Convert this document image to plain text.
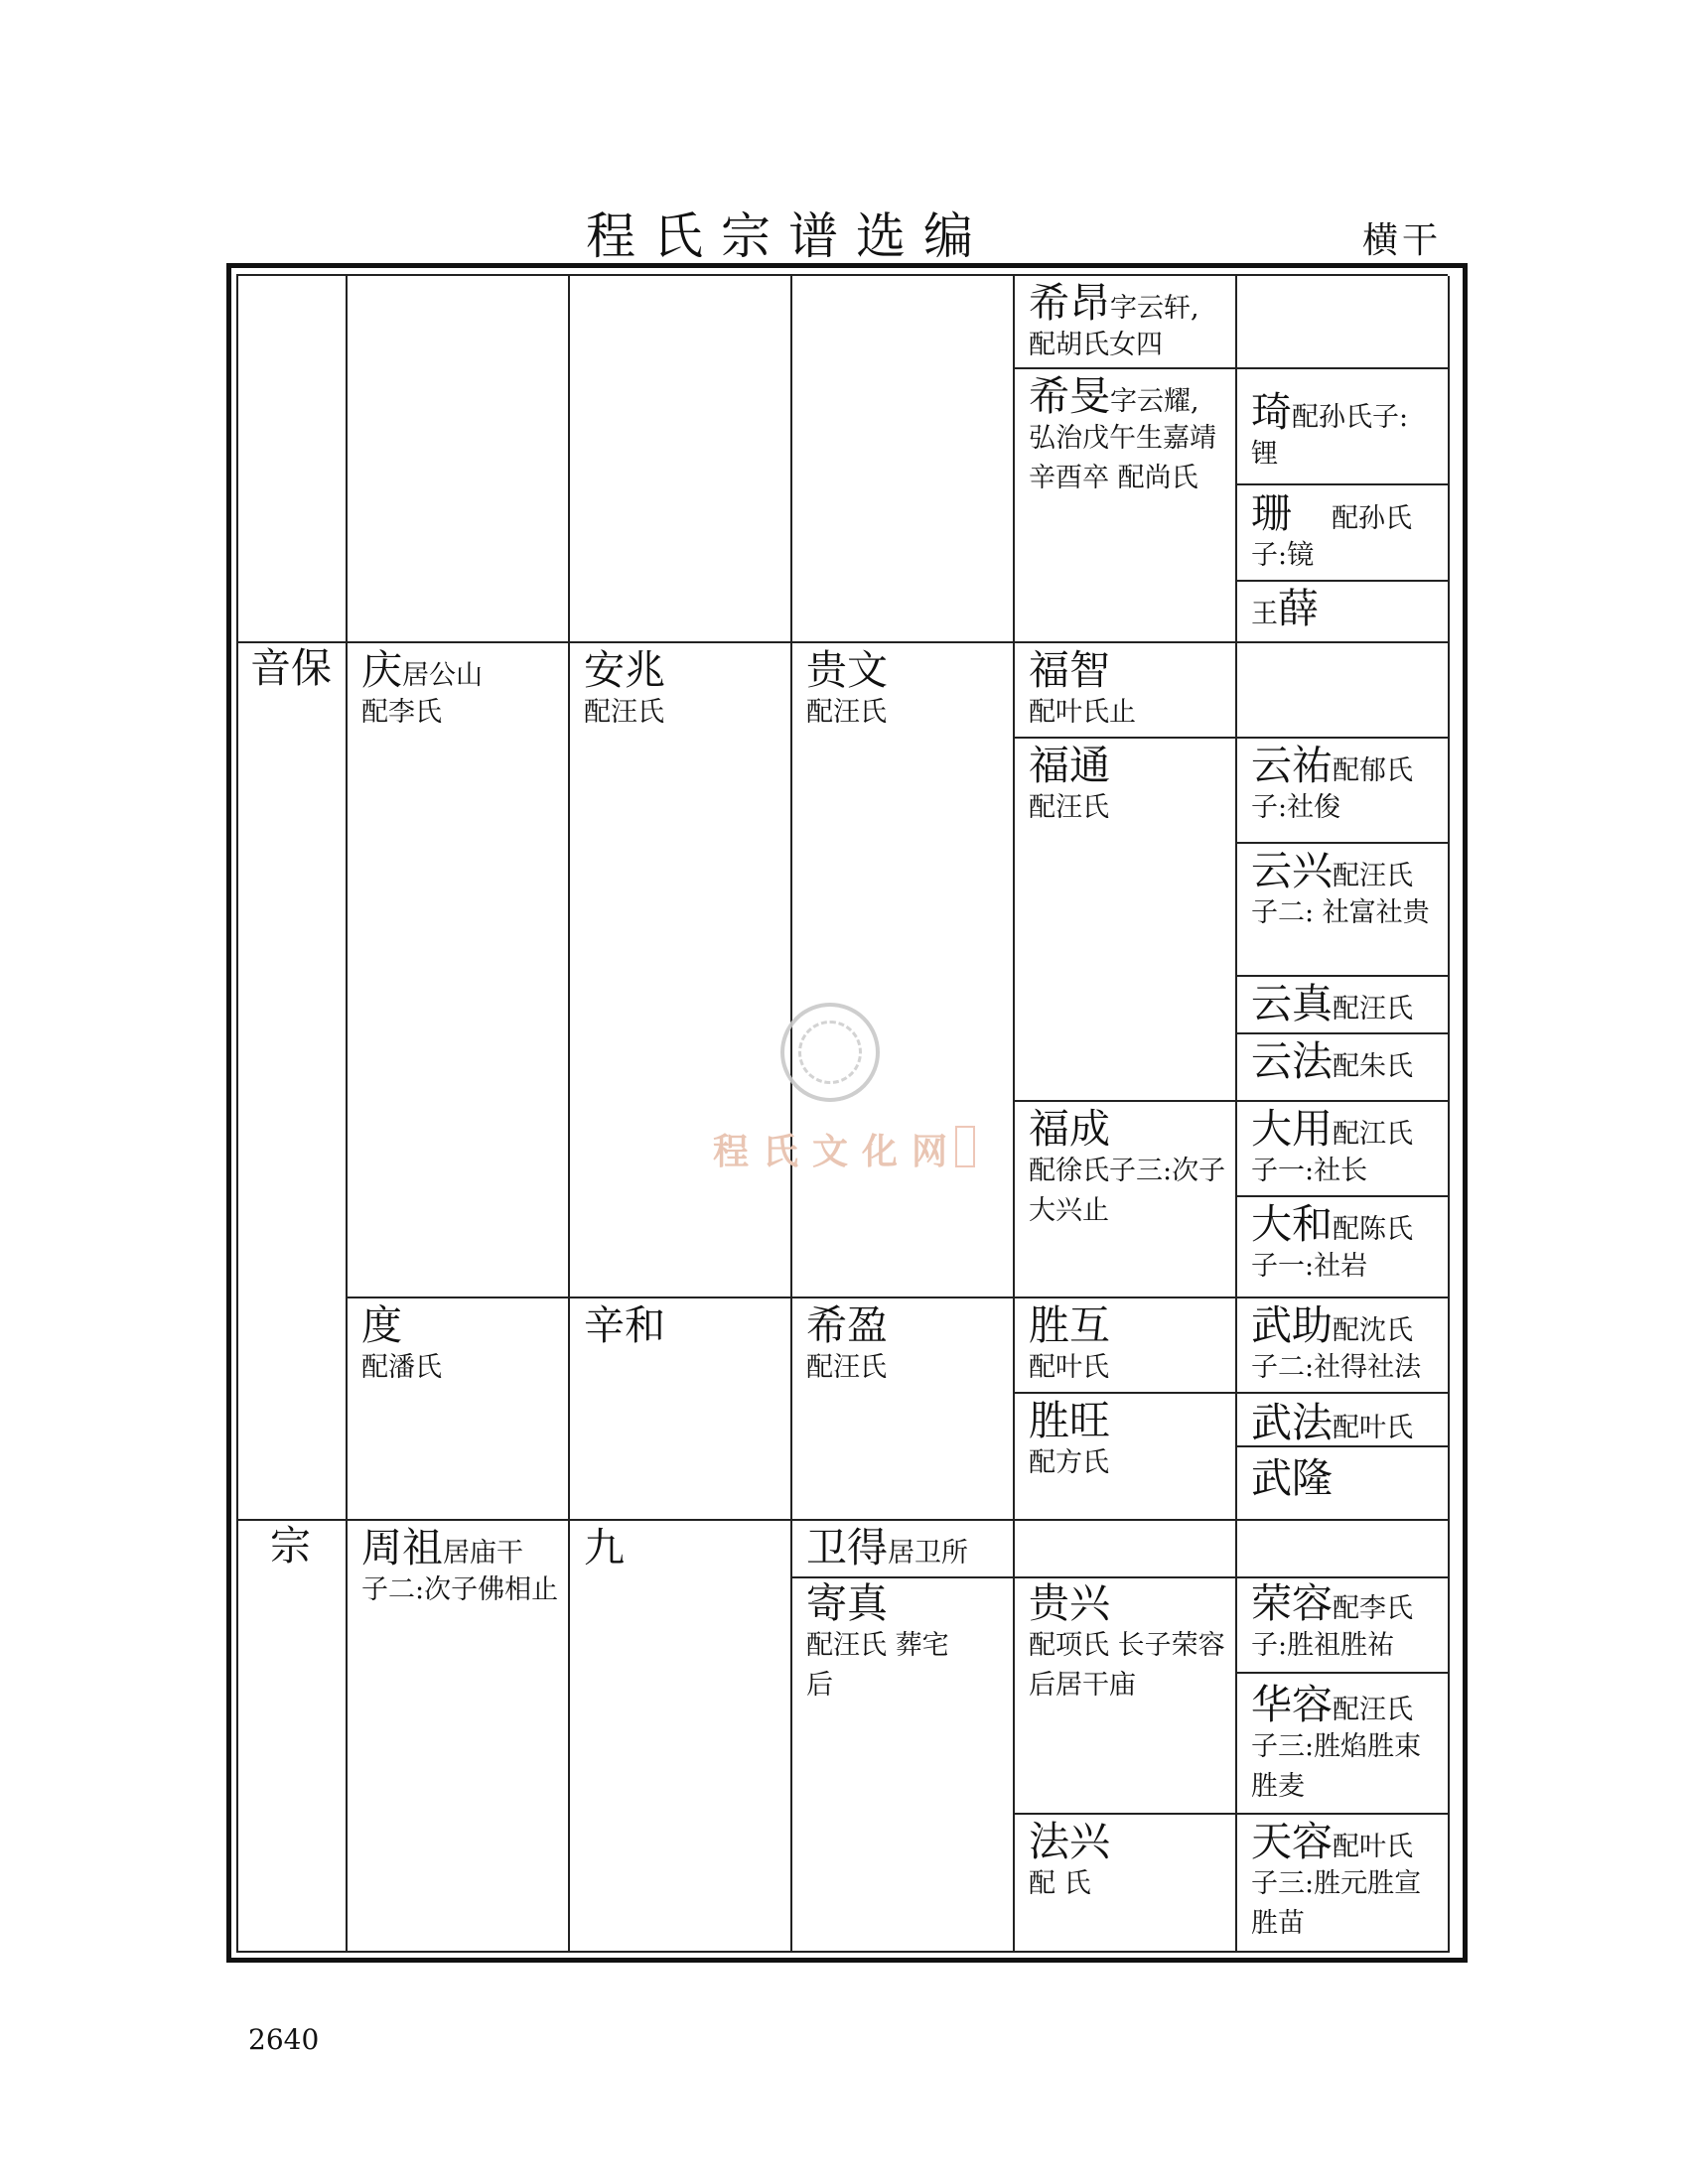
程氏宗谱选编	横干
音保
宗
庆居公山
配李氏
度
配潘氏
周祖居庙干
子二:次子佛相止
安兆
配汪氏
辛和
九
贵文
配汪氏
希盈
配汪氏
卫得居卫所
寄真
配汪氏 葬宅后
希昂字云轩,
配胡氏女四
希旻字云耀,
弘治戊午生嘉靖辛酉卒 配尚氏
福智
配叶氏止
福通
配汪氏
福成
配徐氏子三:次子大兴止
胜互
配叶氏
胜旺
配方氏
贵兴
配项氏 长子荣容后居干庙
法兴
配 氏
琦配孙氏子:
锂
珊 配孙氏
子:镜
王薛
云祐配郁氏
子:社俊
云兴配汪氏
子二: 社富社贵
云真配汪氏
云法配朱氏
大用配江氏
子一:社长
大和配陈氏
子一:社岩
武助配沈氏
子二:社得社法
武法配叶氏
武隆
荣容配李氏
子:胜祖胜祐
华容配汪氏
子三:胜焰胜束胜麦
天容配叶氏
子三:胜元胜宣胜苗
程氏文化网
2640
